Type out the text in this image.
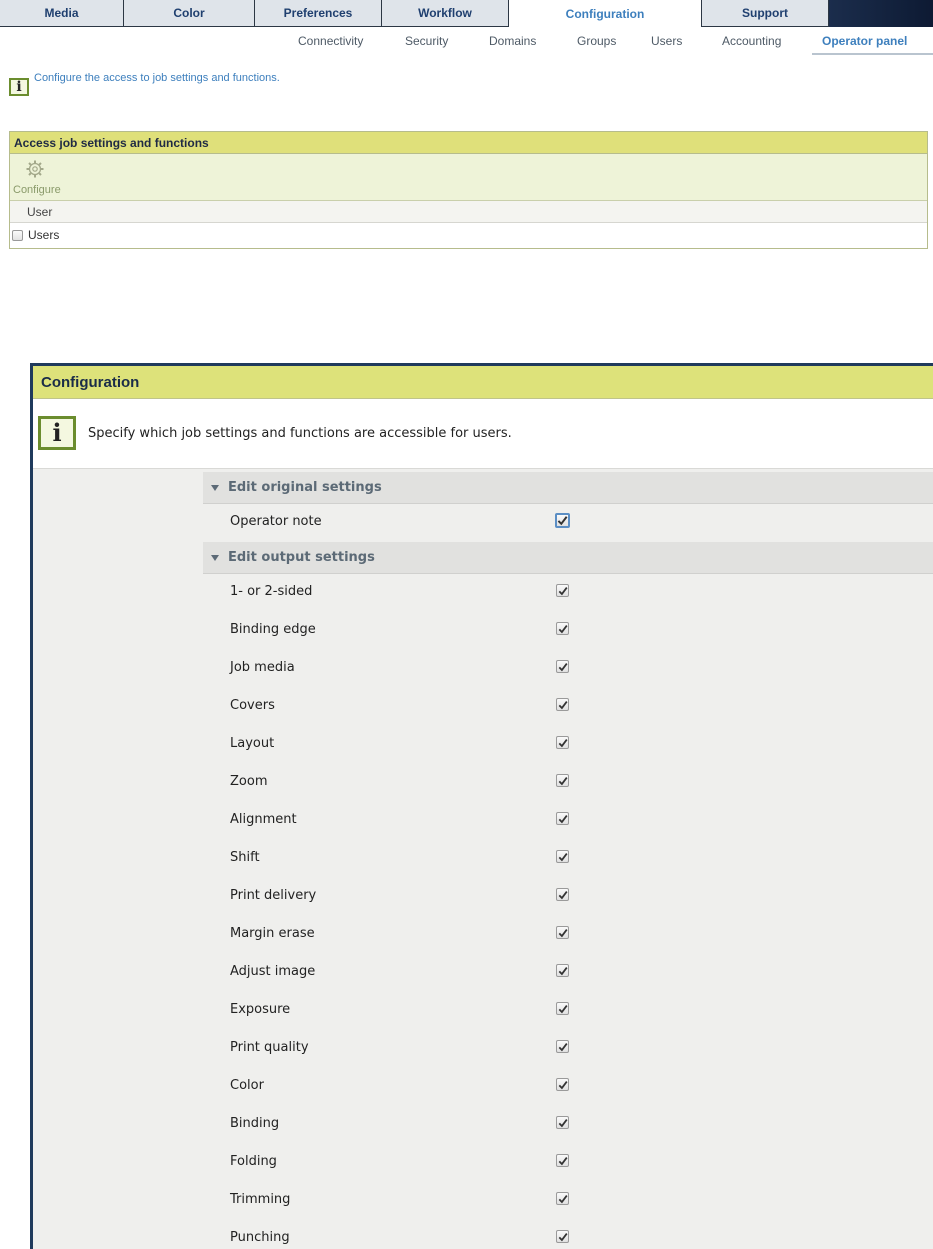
Media	Color	Preferences	Workflow	Configuration	Support
Connectivity	Security	Domains	Groups	Users	Accounting	Operator panel
i
Configure the access to job settings and functions.
Access job settings and functions
Configure
User
Users
Configuration
i	Specify which job settings and functions are accessible for users.
Edit original settings
Operator note
Edit output settings
1- or 2-sided
Binding edge
Job media
Covers
Layout
Zoom
Alignment
Shift
Print delivery
Margin erase
Adjust image
Exposure
Print quality
Color
Binding
Folding
Trimming
Punching
